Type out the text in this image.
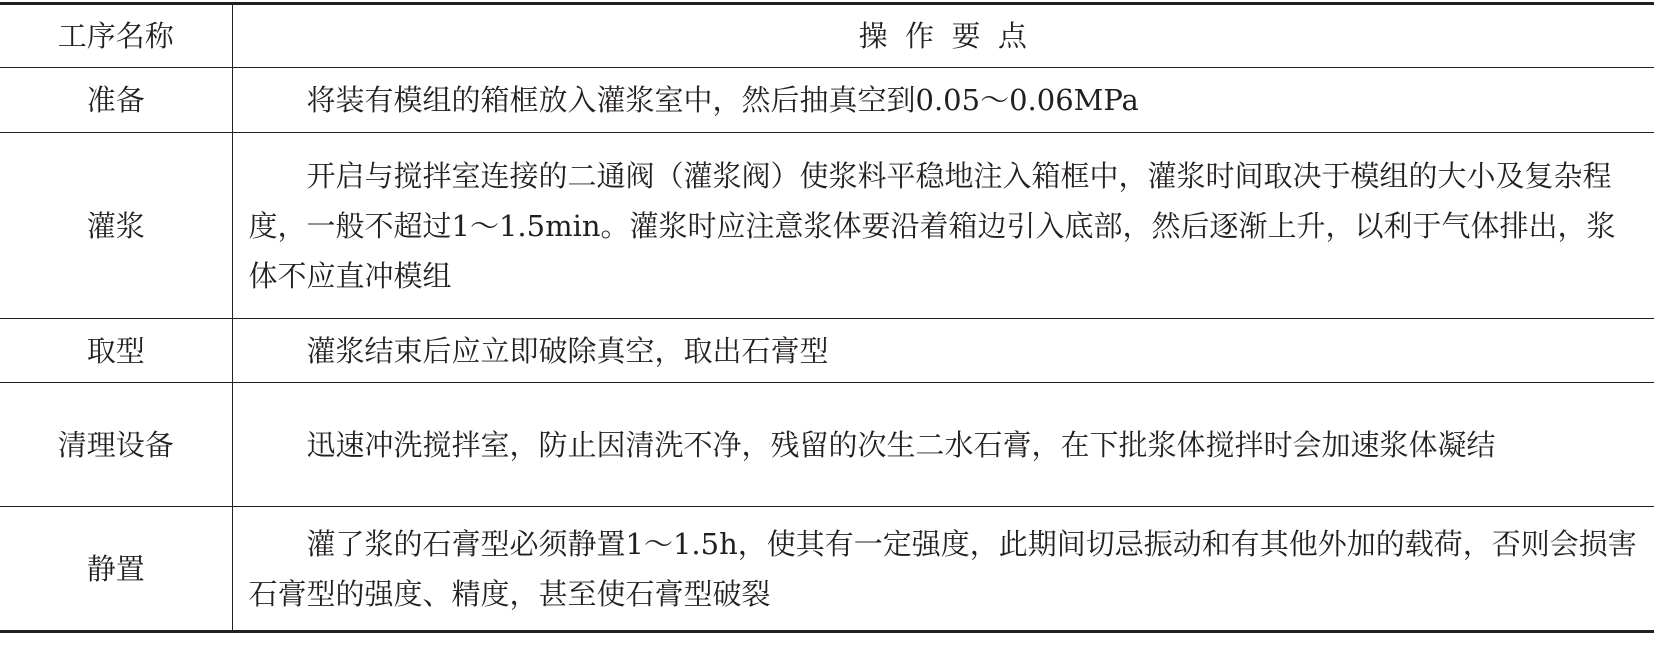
工序名称	操作要点
准备	将装有模组的箱框放入灌浆室中，然后抽真空到0.05～0.06MPa
灌浆	开启与搅拌室连接的二通阀（灌浆阀）使浆料平稳地注入箱框中，灌浆时间取决于模组的大小及复杂程度，一般不超过1～1.5min。灌浆时应注意浆体要沿着箱边引入底部，然后逐渐上升，以利于气体排出，浆体不应直冲模组
取型	灌浆结束后应立即破除真空，取出石膏型
清理设备	迅速冲洗搅拌室，防止因清洗不净，残留的次生二水石膏，在下批浆体搅拌时会加速浆体凝结
静置	灌了浆的石膏型必须静置1～1.5h，使其有一定强度，此期间切忌振动和有其他外加的载荷，否则会损害石膏型的强度、精度，甚至使石膏型破裂
